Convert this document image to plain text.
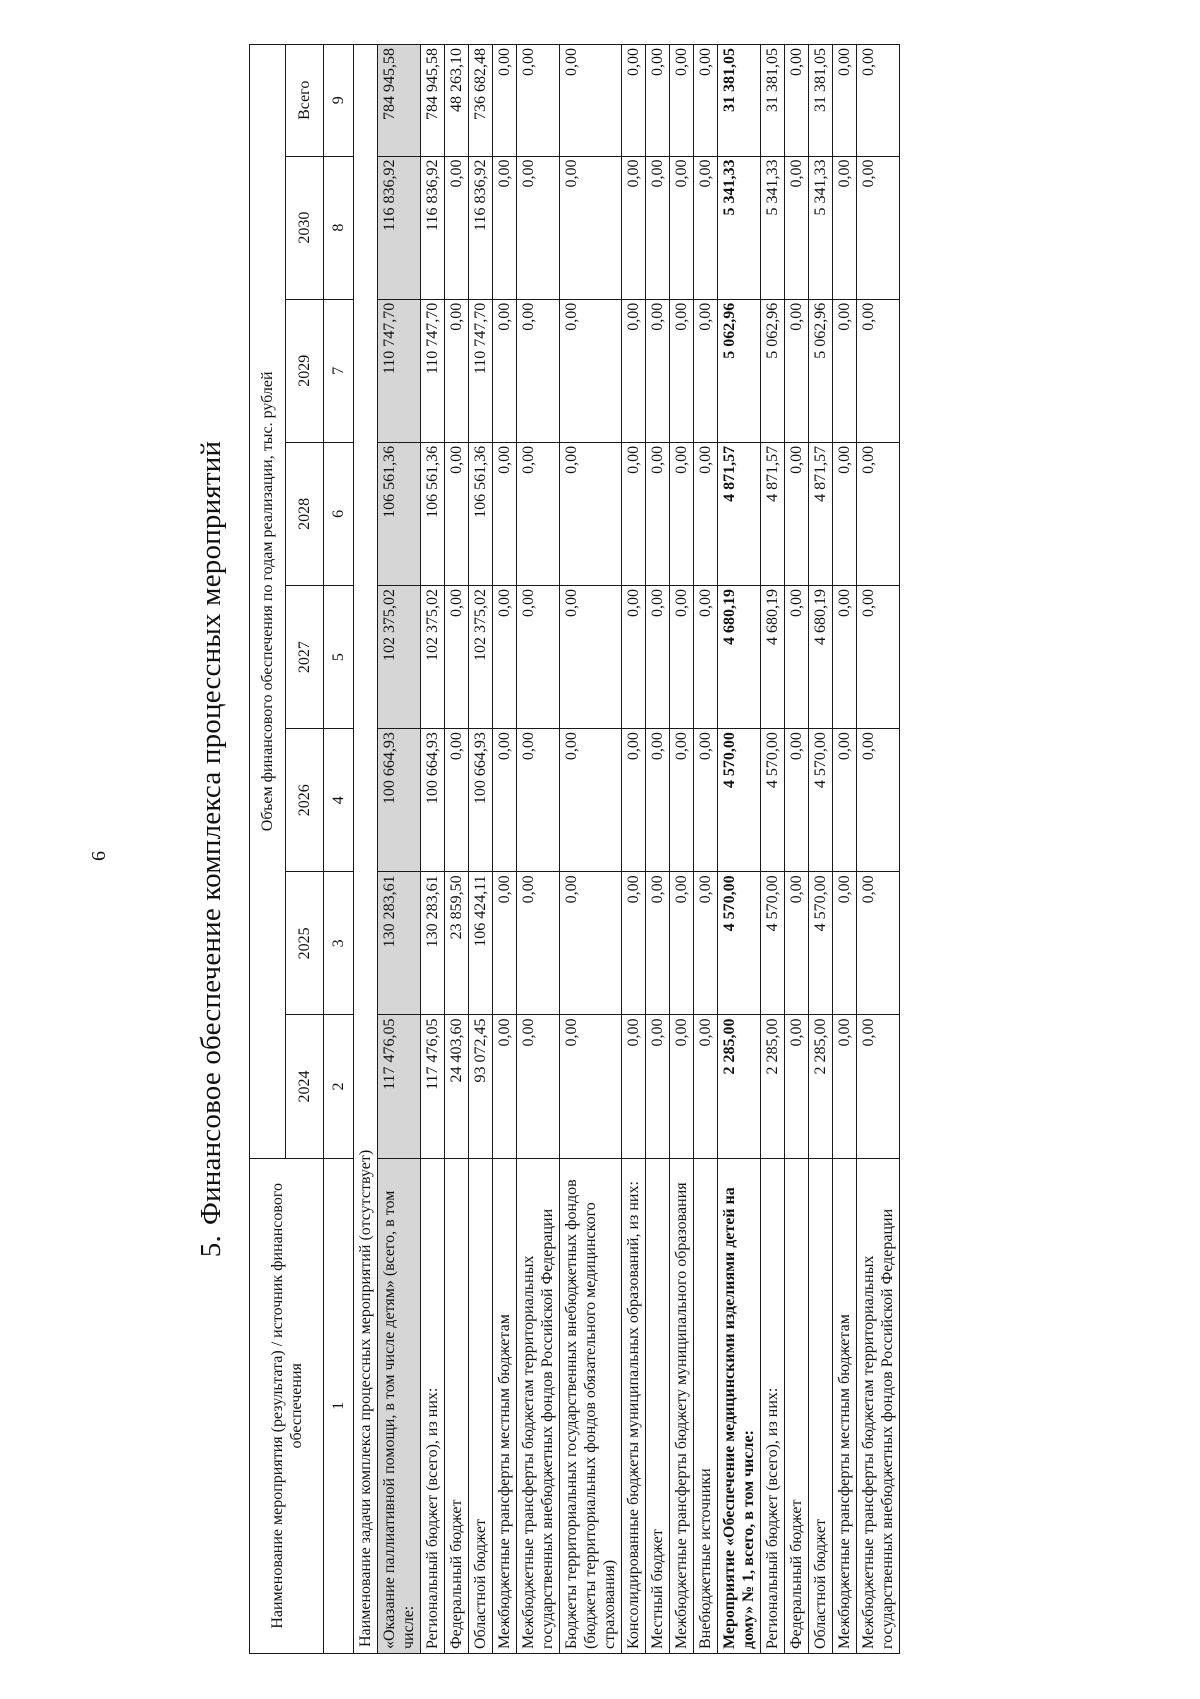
6
5.Финансовое обеспечение комплекса процессных мероприятий
Наименование мероприятия (результата) / источник финансового обеспечения	Объем финансового обеспечения по годам реализации, тыс. рублей							
	2024	2025	2026	2027	2028	2029	2030	Всего
1	2	3	4	5	6	7	8	9
Наименование задачи комплекса процессных мероприятий (отсутствует)								
«Оказание паллиативной помощи, в том числе детям» (всего, в том числе:	117 476,05	130 283,61	100 664,93	102 375,02	106 561,36	110 747,70	116 836,92	784 945,58
Региональный бюджет (всего), из них:	117 476,05	130 283,61	100 664,93	102 375,02	106 561,36	110 747,70	116 836,92	784 945,58
Федеральный бюджет	24 403,60	23 859,50	0,00	0,00	0,00	0,00	0,00	48 263,10
Областной бюджет	93 072,45	106 424,11	100 664,93	102 375,02	106 561,36	110 747,70	116 836,92	736 682,48
Межбюджетные трансферты местным бюджетам	0,00	0,00	0,00	0,00	0,00	0,00	0,00	0,00
Межбюджетные трансферты бюджетам территориальных государственных внебюджетных фондов Российской Федерации	0,00	0,00	0,00	0,00	0,00	0,00	0,00	0,00
Бюджеты территориальных государственных внебюджетных фондов (бюджеты территориальных фондов обязательного медицинского страхования)	0,00	0,00	0,00	0,00	0,00	0,00	0,00	0,00
Консолидированные бюджеты муниципальных образований, из них:	0,00	0,00	0,00	0,00	0,00	0,00	0,00	0,00
Местный бюджет	0,00	0,00	0,00	0,00	0,00	0,00	0,00	0,00
Межбюджетные трансферты бюджету муниципального образования	0,00	0,00	0,00	0,00	0,00	0,00	0,00	0,00
Внебюджетные источники	0,00	0,00	0,00	0,00	0,00	0,00	0,00	0,00
Мероприятие «Обеспечение медицинскими изделиями детей на дому» № 1, всего, в том числе:	2 285,00	4 570,00	4 570,00	4 680,19	4 871,57	5 062,96	5 341,33	31 381,05
Региональный бюджет (всего), из них:	2 285,00	4 570,00	4 570,00	4 680,19	4 871,57	5 062,96	5 341,33	31 381,05
Федеральный бюджет	0,00	0,00	0,00	0,00	0,00	0,00	0,00	0,00
Областной бюджет	2 285,00	4 570,00	4 570,00	4 680,19	4 871,57	5 062,96	5 341,33	31 381,05
Межбюджетные трансферты местным бюджетам	0,00	0,00	0,00	0,00	0,00	0,00	0,00	0,00
Межбюджетные трансферты бюджетам территориальных государственных внебюджетных фондов Российской Федерации	0,00	0,00	0,00	0,00	0,00	0,00	0,00	0,00
